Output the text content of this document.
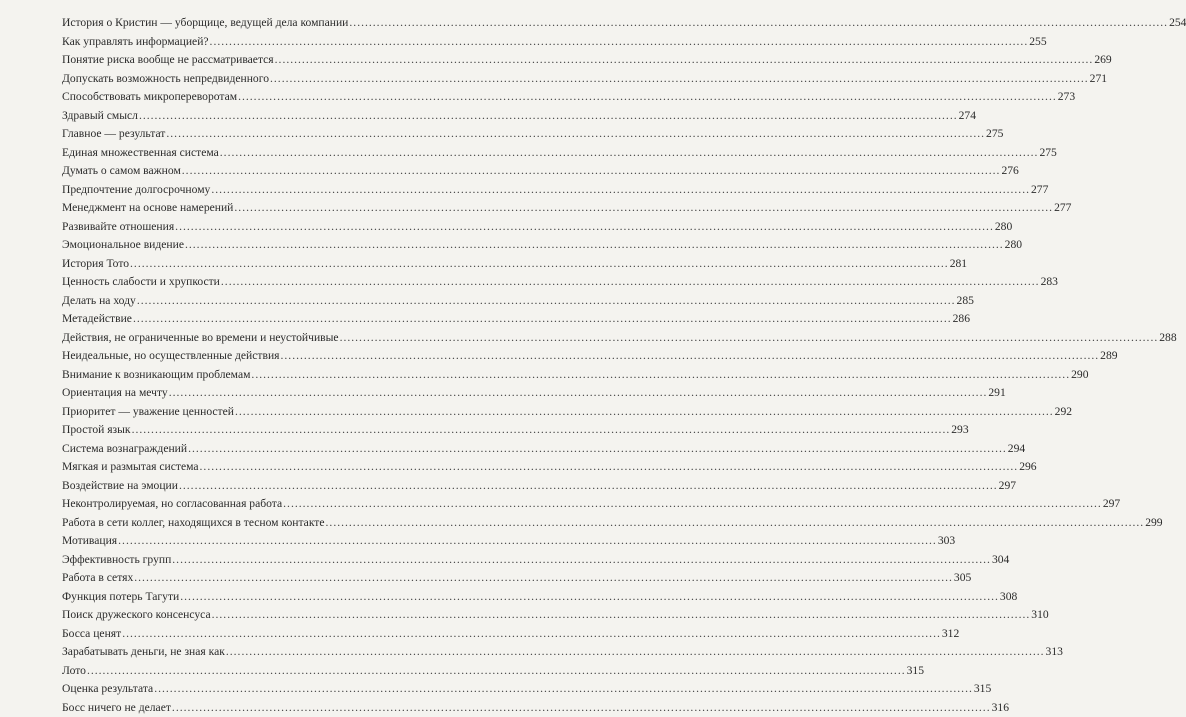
История о Кристин — уборщице, ведущей дела компании .....	254
Как управлять информацией? .....	255
Понятие риска вообще не рассматривается .....	269
Допускать возможность непредвиденного .....	271
Способствовать микропереворотам .....	273
Здравый смысл .....	274
Главное — результат .....	275
Единая множественная система .....	275
Думать о самом важном .....	276
Предпочтение долгосрочному .....	277
Менеджмент на основе намерений .....	277
Развивайте отношения .....	280
Эмоциональное видение .....	280
История Тото .....	281
Ценность слабости и хрупкости .....	283
Делать на ходу .....	285
Метадействие .....	286
Действия, не ограниченные во времени и неустойчивые .....	288
Неидеальные, но осуществленные действия .....	289
Внимание к возникающим проблемам .....	290
Ориентация на мечту .....	291
Приоритет — уважение ценностей .....	292
Простой язык .....	293
Система вознаграждений .....	294
Мягкая и размытая система .....	296
Воздействие на эмоции .....	297
Неконтролируемая, но согласованная работа .....	297
Работа в сети коллег, находящихся в тесном контакте .....	299
Мотивация .....	303
Эффективность групп .....	304
Работа в сетях .....	305
Функция потерь Тагути .....	308
Поиск дружеского консенсуса .....	310
Босса ценят .....	312
Зарабатывать деньги, не зная как .....	313
Лото .....	315
Оценка результата .....	315
Босс ничего не делает .....	316
